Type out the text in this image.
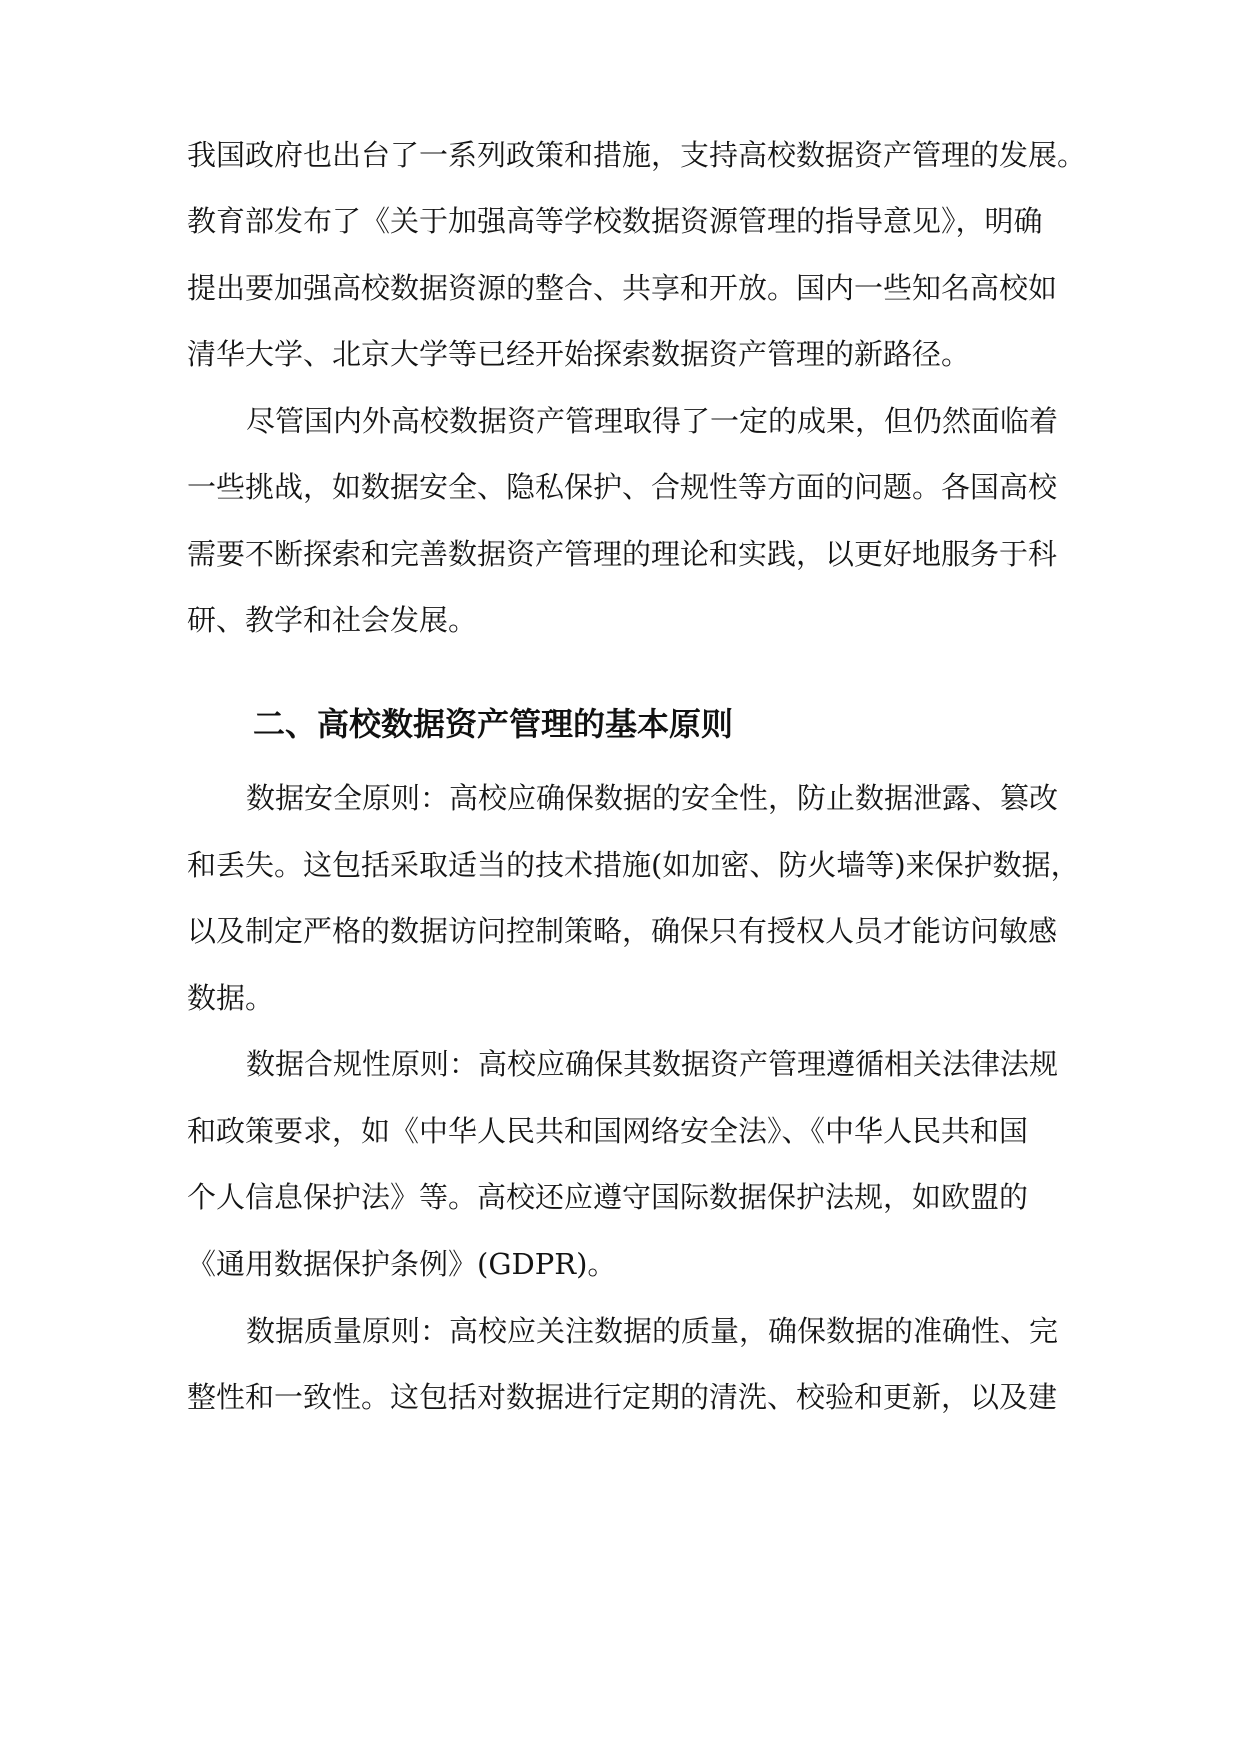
我国政府也出台了一系列政策和措施，支持高校数据资产管理的发展。
教育部发布了《关于加强高等学校数据资源管理的指导意见》，明确
提出要加强高校数据资源的整合、共享和开放。国内一些知名高校如
清华大学、北京大学等已经开始探索数据资产管理的新路径。
尽管国内外高校数据资产管理取得了一定的成果，但仍然面临着
一些挑战，如数据安全、隐私保护、合规性等方面的问题。各国高校
需要不断探索和完善数据资产管理的理论和实践，以更好地服务于科
研、教学和社会发展。
二、高校数据资产管理的基本原则
数据安全原则：高校应确保数据的安全性，防止数据泄露、篡改
和丢失。这包括采取适当的技术措施(如加密、防火墙等)来保护数据，
以及制定严格的数据访问控制策略，确保只有授权人员才能访问敏感
数据。
数据合规性原则：高校应确保其数据资产管理遵循相关法律法规
和政策要求，如《中华人民共和国网络安全法》、《中华人民共和国
个人信息保护法》等。高校还应遵守国际数据保护法规，如欧盟的
《通用数据保护条例》(GDPR)。
数据质量原则：高校应关注数据的质量，确保数据的准确性、完
整性和一致性。这包括对数据进行定期的清洗、校验和更新，以及建
